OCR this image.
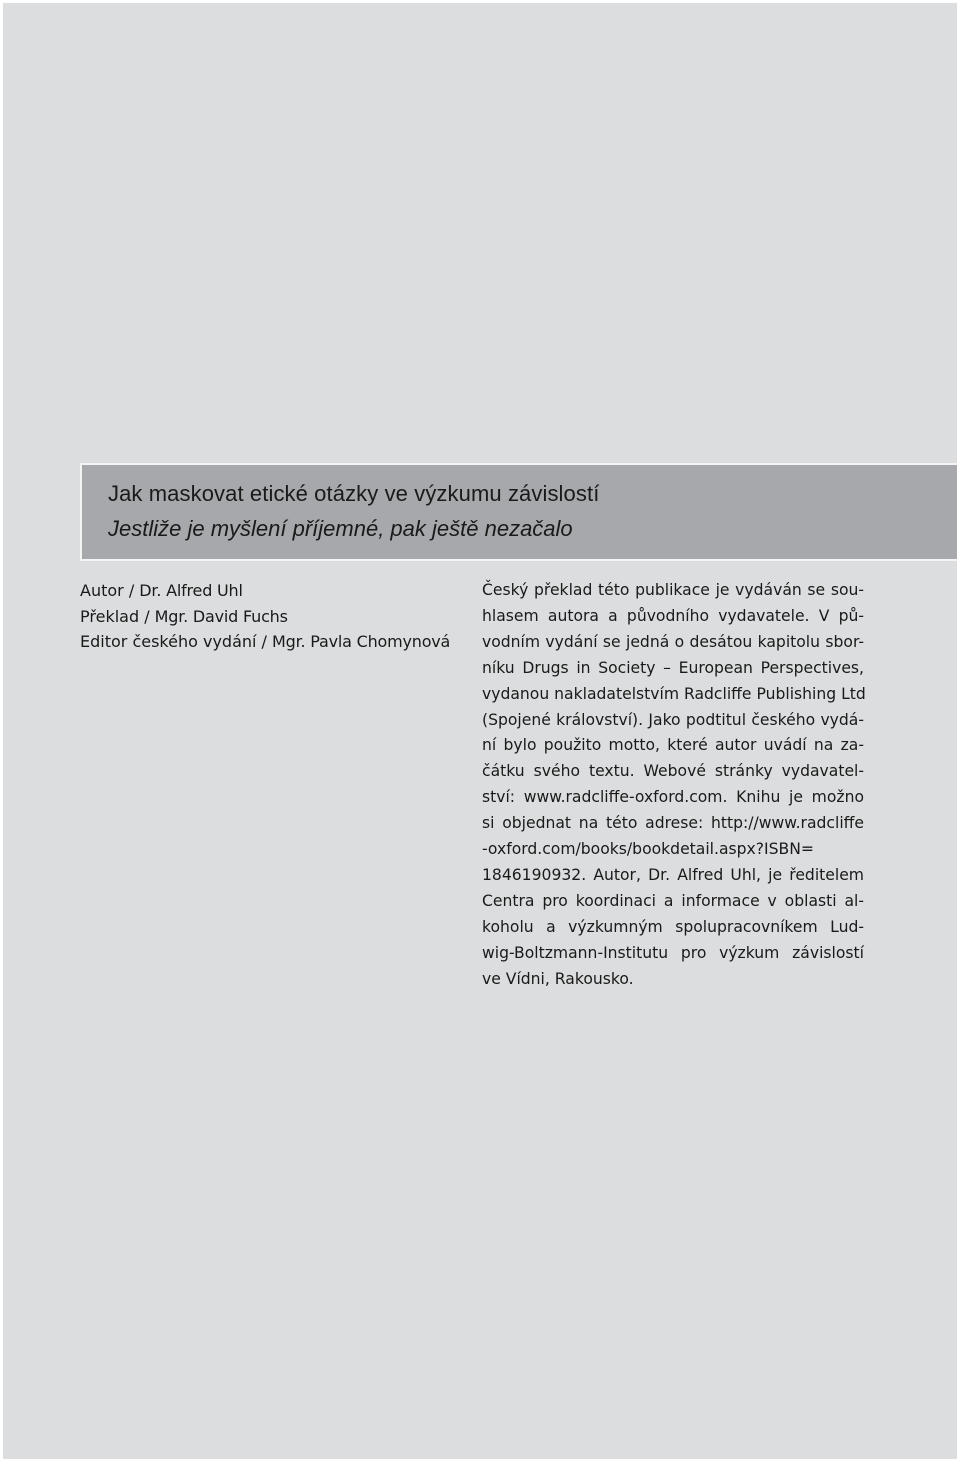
Jak maskovat etické otázky ve výzkumu závislostí
Jestliže je myšlení příjemné, pak ještě nezačalo
Autor / Dr. Alfred Uhl
Překlad / Mgr. David Fuchs
Editor českého vydání / Mgr. Pavla Chomynová
Český překlad této publikace je vydáván se sou-
hlasem autora a původního vydavatele. V pů-
vodním vydání se jedná o desátou kapitolu sbor-
níku Drugs in Society – European Perspectives,
vydanou nakladatelstvím Radcliffe Publishing Ltd
(Spojené království). Jako podtitul českého vydá-
ní bylo použito motto, které autor uvádí na za-
čátku svého textu. Webové stránky vydavatel-
ství: www.radcliffe-oxford.com. Knihu je možno
si objednat na této adrese: http://www.radcliffe
-oxford.com/books/bookdetail.aspx?ISBN=
1846190932. Autor, Dr. Alfred Uhl, je ředitelem
Centra pro koordinaci a informace v oblasti al-
koholu a výzkumným spolupracovníkem Lud-
wig-Boltzmann-Institutu pro výzkum závislostí
ve Vídni, Rakousko.
